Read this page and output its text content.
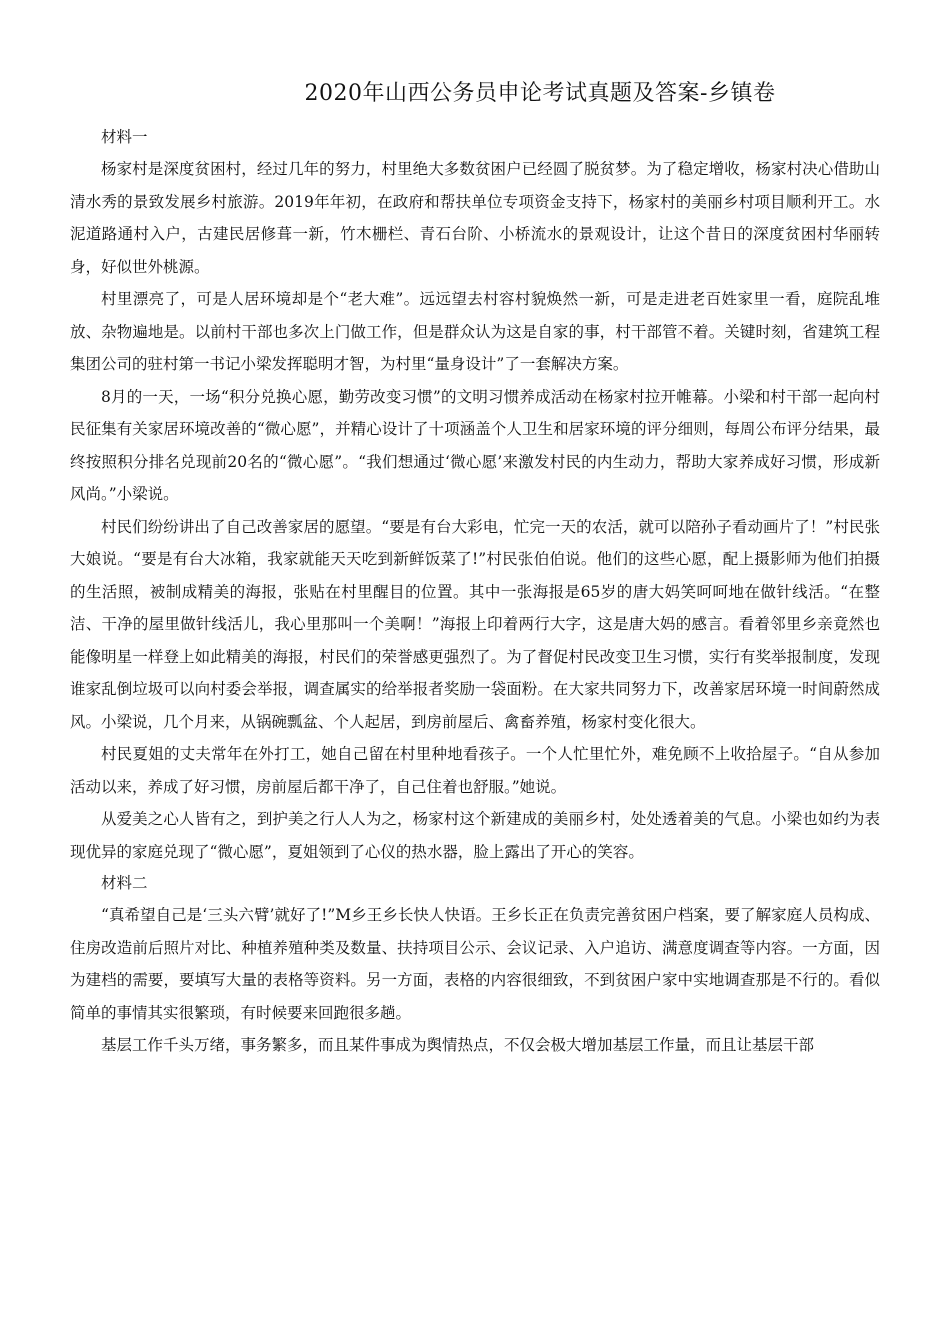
2020年山西公务员申论考试真题及答案-乡镇卷

材料一

杨家村是深度贫困村，经过几年的努力，村里绝大多数贫困户已经圆了脱贫梦。为了稳定增收，杨家村决心借助山清水秀的景致发展乡村旅游。2019年年初，在政府和帮扶单位专项资金支持下，杨家村的美丽乡村项目顺利开工。水泥道路通村入户，古建民居修葺一新，竹木栅栏、青石台阶、小桥流水的景观设计，让这个昔日的深度贫困村华丽转身，好似世外桃源。

村里漂亮了，可是人居环境却是个“老大难”。远远望去村容村貌焕然一新，可是走进老百姓家里一看，庭院乱堆放、杂物遍地是。以前村干部也多次上门做工作，但是群众认为这是自家的事，村干部管不着。关键时刻，省建筑工程集团公司的驻村第一书记小梁发挥聪明才智，为村里“量身设计”了一套解决方案。

8月的一天，一场“积分兑换心愿，勤劳改变习惯”的文明习惯养成活动在杨家村拉开帷幕。小梁和村干部一起向村民征集有关家居环境改善的“微心愿”，并精心设计了十项涵盖个人卫生和居家环境的评分细则，每周公布评分结果，最终按照积分排名兑现前20名的“微心愿”。“我们想通过‘微心愿’来激发村民的内生动力，帮助大家养成好习惯，形成新风尚。”小梁说。

村民们纷纷讲出了自己改善家居的愿望。“要是有台大彩电，忙完一天的农活，就可以陪孙子看动画片了！”村民张大娘说。“要是有台大冰箱，我家就能天天吃到新鲜饭菜了!”村民张伯伯说。他们的这些心愿，配上摄影师为他们拍摄的生活照，被制成精美的海报，张贴在村里醒目的位置。其中一张海报是65岁的唐大妈笑呵呵地在做针线活。“在整洁、干净的屋里做针线活儿，我心里那叫一个美啊！”海报上印着两行大字，这是唐大妈的感言。看着邻里乡亲竟然也能像明星一样登上如此精美的海报，村民们的荣誉感更强烈了。为了督促村民改变卫生习惯，实行有奖举报制度，发现谁家乱倒垃圾可以向村委会举报，调查属实的给举报者奖励一袋面粉。在大家共同努力下，改善家居环境一时间蔚然成风。小梁说，几个月来，从锅碗瓢盆、个人起居，到房前屋后、禽畜养殖，杨家村变化很大。

村民夏姐的丈夫常年在外打工，她自己留在村里种地看孩子。一个人忙里忙外，难免顾不上收拾屋子。“自从参加活动以来，养成了好习惯，房前屋后都干净了，自己住着也舒服。”她说。

从爱美之心人皆有之，到护美之行人人为之，杨家村这个新建成的美丽乡村，处处透着美的气息。小梁也如约为表现优异的家庭兑现了“微心愿”，夏姐领到了心仪的热水器，脸上露出了开心的笑容。

材料二

“真希望自己是‘三头六臂’就好了!”M乡王乡长快人快语。王乡长正在负责完善贫困户档案，要了解家庭人员构成、住房改造前后照片对比、种植养殖种类及数量、扶持项目公示、会议记录、入户追访、满意度调查等内容。一方面，因为建档的需要，要填写大量的表格等资料。另一方面，表格的内容很细致，不到贫困户家中实地调查那是不行的。看似简单的事情其实很繁琐，有时候要来回跑很多趟。

基层工作千头万绪，事务繁多，而且某件事成为舆情热点，不仅会极大增加基层工作量，而且让基层干部
